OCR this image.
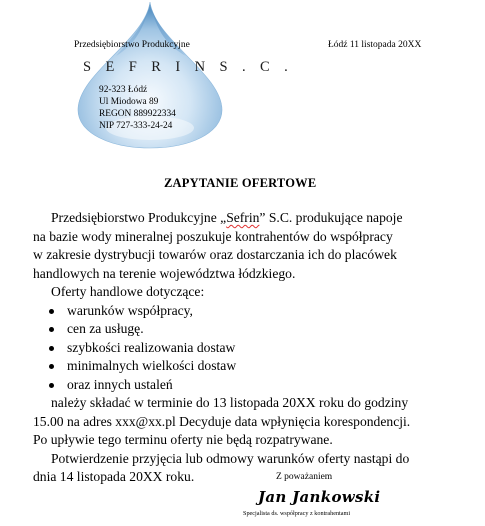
Przedsiębiorstwo Produkcyjne	Łódź 11 listopada 20XX
S E F R I N S . C .
92-323 Łódź
Ul Miodowa 89
REGON 889922334
NIP 727-333-24-24
ZAPYTANIE OFERTOWE
Przedsiębiorstwo Produkcyjne „Sefrin” S.C. produkujące napoje
na bazie wody mineralnej poszukuje kontrahentów do współpracy
w zakresie dystrybucji towarów oraz dostarczania ich do placówek
handlowych na terenie województwa łódzkiego.
Oferty handlowe dotyczące:
warunków współpracy,
cen za usługę.
szybkości realizowania dostaw
minimalnych wielkości dostaw
oraz innych ustaleń
należy składać w terminie do 13 listopada 20XX roku do godziny
15.00 na adres xxx@xx.pl Decyduje data wpłynięcia korespondencji.
Po upływie tego terminu oferty nie będą rozpatrywane.
Potwierdzenie przyjęcia lub odmowy warunków oferty nastąpi do
dnia 14 listopada 20XX roku.	Z poważaniem
Jan Jankowski
Specjalista ds. współpracy z kontrahentami
